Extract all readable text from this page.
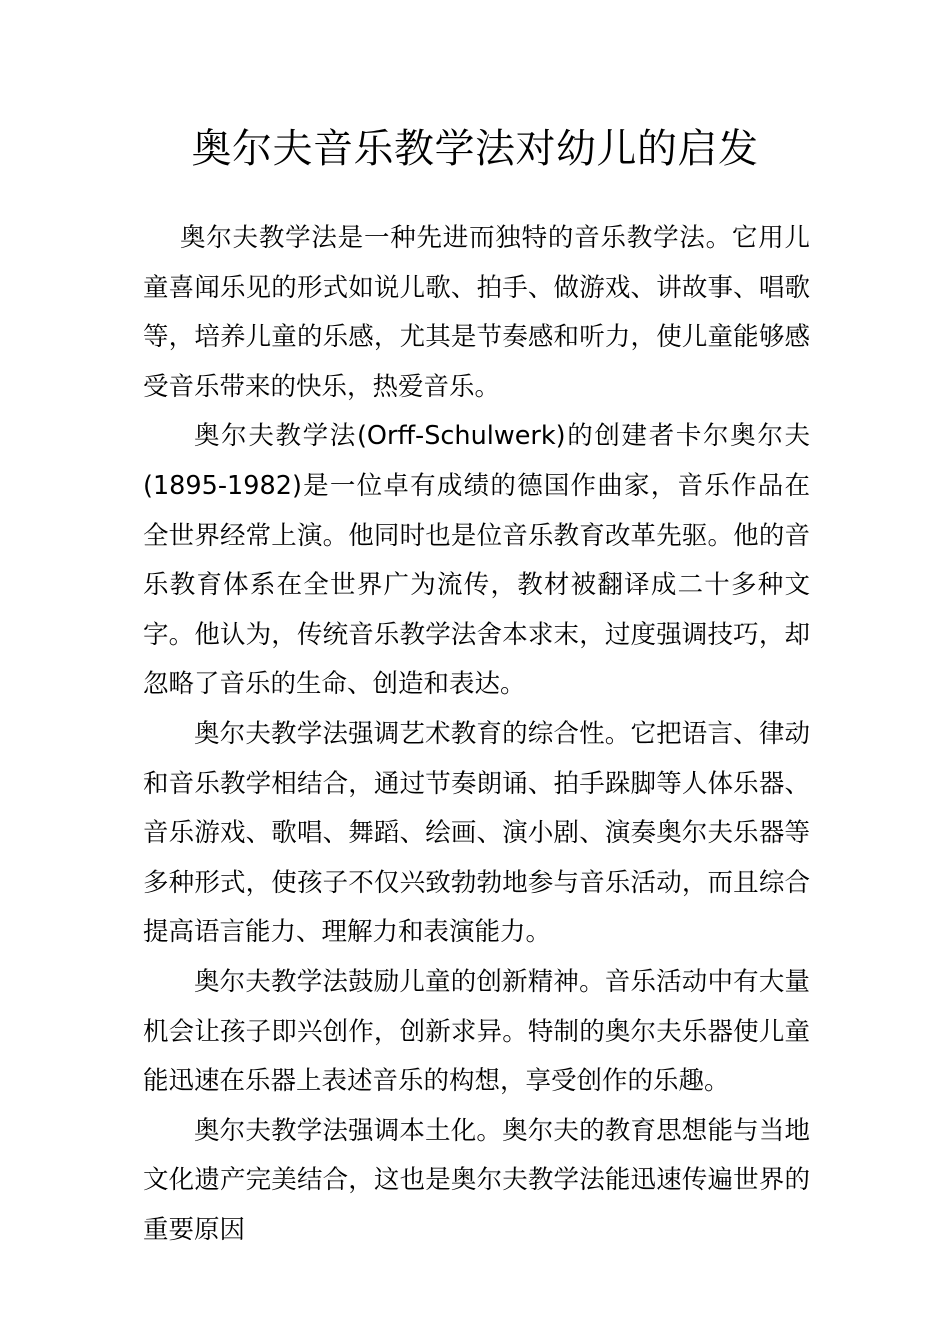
奥尔夫音乐教学法对幼儿的启发

奥尔夫教学法是一种先进而独特的音乐教学法。它用儿童喜闻乐见的形式如说儿歌、拍手、做游戏、讲故事、唱歌等，培养儿童的乐感，尤其是节奏感和听力，使儿童能够感受音乐带来的快乐，热爱音乐。

奥尔夫教学法(Orff-Schulwerk)的创建者卡尔奥尔夫(1895-1982)是一位卓有成绩的德国作曲家，音乐作品在全世界经常上演。他同时也是位音乐教育改革先驱。他的音乐教育体系在全世界广为流传，教材被翻译成二十多种文字。他认为，传统音乐教学法舍本求末，过度强调技巧，却忽略了音乐的生命、创造和表达。

奥尔夫教学法强调艺术教育的综合性。它把语言、律动和音乐教学相结合，通过节奏朗诵、拍手跺脚等人体乐器、音乐游戏、歌唱、舞蹈、绘画、演小剧、演奏奥尔夫乐器等多种形式，使孩子不仅兴致勃勃地参与音乐活动，而且综合提高语言能力、理解力和表演能力。

奥尔夫教学法鼓励儿童的创新精神。音乐活动中有大量机会让孩子即兴创作，创新求异。特制的奥尔夫乐器使儿童能迅速在乐器上表述音乐的构想，享受创作的乐趣。

奥尔夫教学法强调本土化。奥尔夫的教育思想能与当地文化遗产完美结合，这也是奥尔夫教学法能迅速传遍世界的重要原因
